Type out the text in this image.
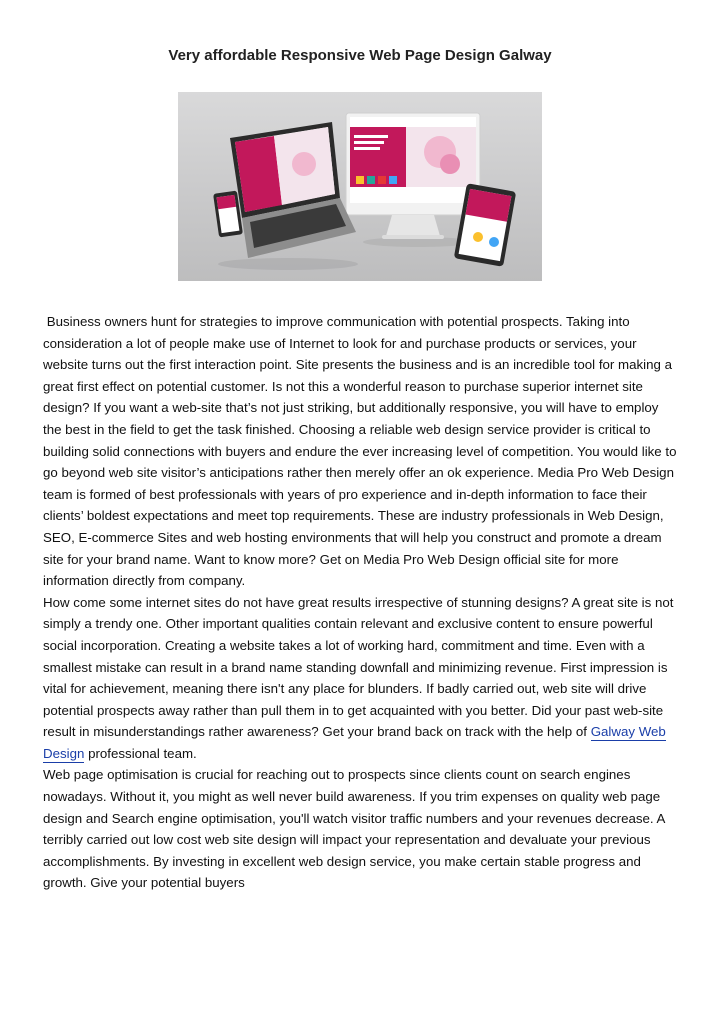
Very affordable Responsive Web Page Design Galway

Business owners hunt for strategies to improve communication with potential prospects. Taking into consideration a lot of people make use of Internet to look for and purchase products or services, your website turns out the first interaction point. Site presents the business and is an incredible tool for making a great first effect on potential customer. Is not this a wonderful reason to purchase superior internet site design? If you want a web-site that’s not just striking, but additionally responsive, you will have to employ the best in the field to get the task finished. Choosing a reliable web design service provider is critical to building solid connections with buyers and endure the ever increasing level of competition. You would like to go beyond web site visitor’s anticipations rather then merely offer an ok experience. Media Pro Web Design team is formed of best professionals with years of pro experience and in-depth information to face their clients’ boldest expectations and meet top requirements. These are industry professionals in Web Design, SEO, E-commerce Sites and web hosting environments that will help you construct and promote a dream site for your brand name. Want to know more? Get on Media Pro Web Design official site for more information directly from company.

How come some internet sites do not have great results irrespective of stunning designs? A great site is not simply a trendy one. Other important qualities contain relevant and exclusive content to ensure powerful social incorporation. Creating a website takes a lot of working hard, commitment and time. Even with a smallest mistake can result in a brand name standing downfall and minimizing revenue. First impression is vital for achievement, meaning there isn't any place for blunders. If badly carried out, web site will drive potential prospects away rather than pull them in to get acquainted with you better. Did your past web-site result in misunderstandings rather awareness? Get your brand back on track with the help of Galway Web Design professional team.

Web page optimisation is crucial for reaching out to prospects since clients count on search engines nowadays. Without it, you might as well never build awareness. If you trim expenses on quality web page design and Search engine optimisation, you'll watch visitor traffic numbers and your revenues decrease. A terribly carried out low cost web site design will impact your representation and devaluate your previous accomplishments. By investing in excellent web design service, you make certain stable progress and growth. Give your potential buyers
